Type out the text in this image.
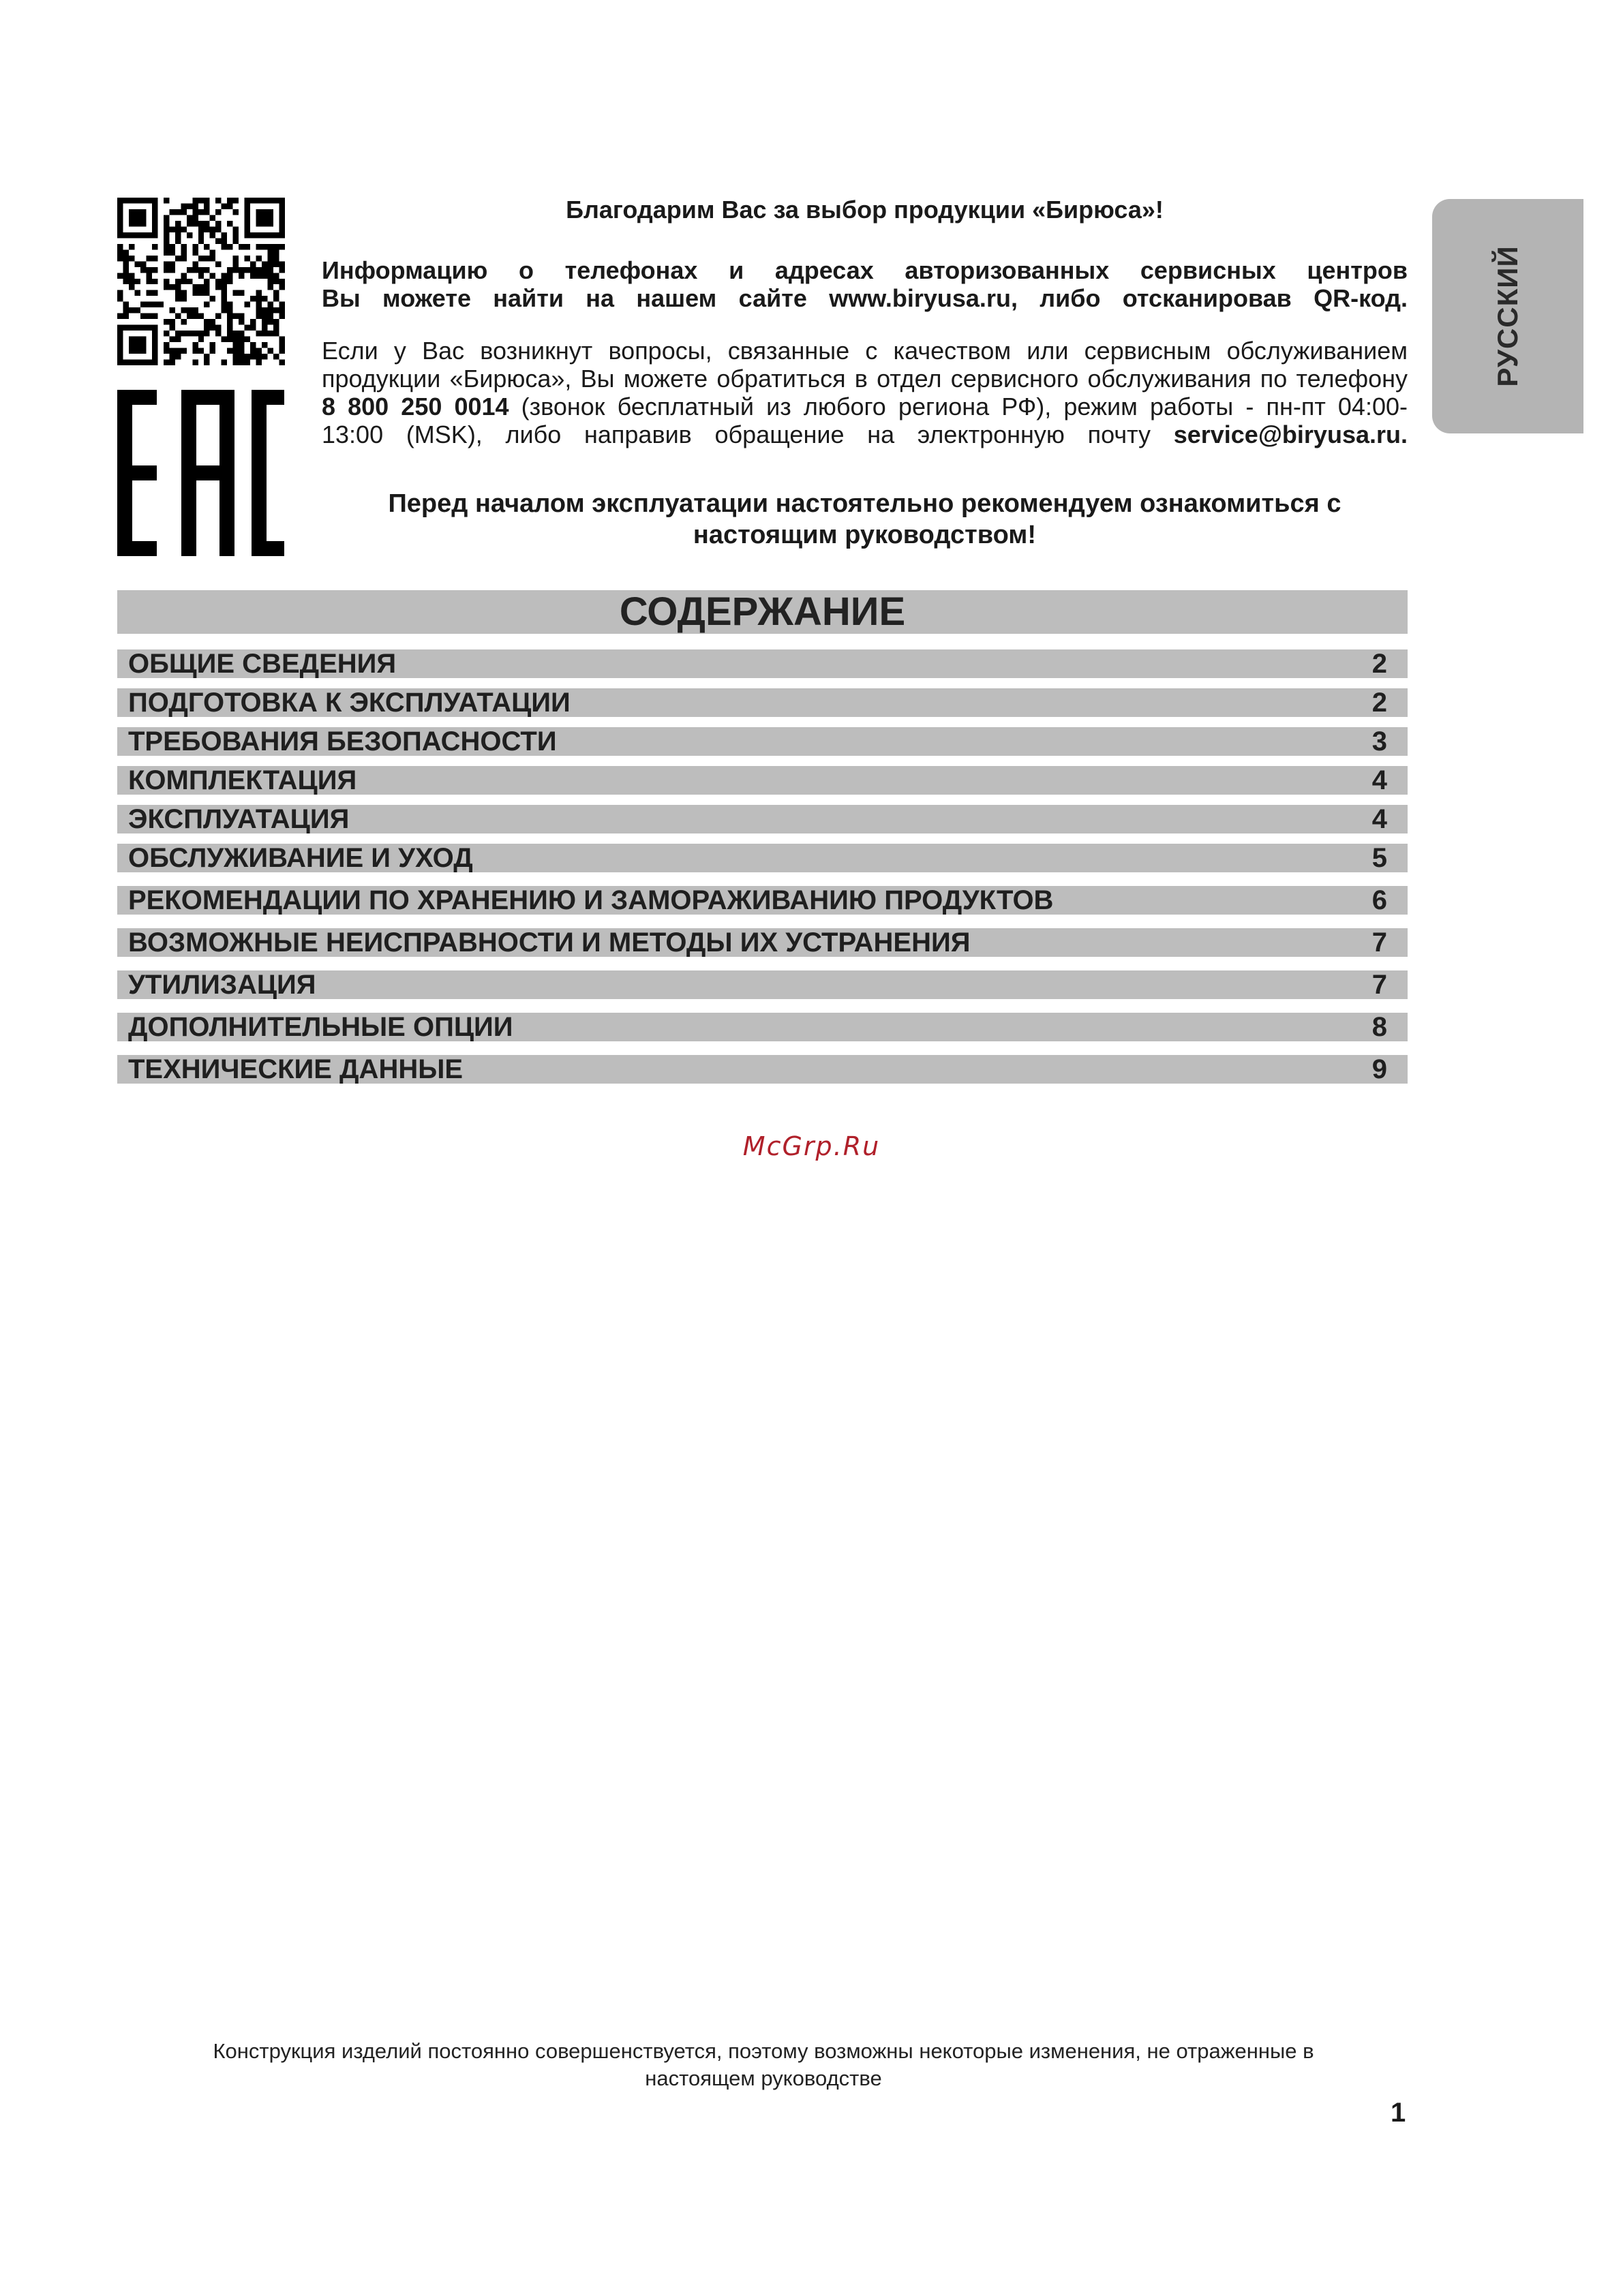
РУССКИЙ
Благодарим Вас за выбор продукции «Бирюса»!
Информацию о телефонах и адресах авторизованных сервисных центров
Вы можете найти на нашем сайте www.biryusa.ru, либо отсканировав QR-код.
Если у Вас возникнут вопросы, связанные с качеством или сервисным обслуживанием
продукции «Бирюса», Вы можете обратиться в отдел сервисного обслуживания по телефону
8 800 250 0014 (звонок бесплатный из любого региона РФ), режим работы - пн-пт 04:00-
13:00 (MSK), либо направив обращение на электронную почту service@biryusa.ru.
Перед началом эксплуатации настоятельно рекомендуем ознакомиться с
настоящим руководством!
СОДЕРЖАНИЕ
ОБЩИЕ СВЕДЕНИЯ	2
ПОДГОТОВКА К ЭКСПЛУАТАЦИИ	2
ТРЕБОВАНИЯ БЕЗОПАСНОСТИ	3
КОМПЛЕКТАЦИЯ	4
ЭКСПЛУАТАЦИЯ	4
ОБСЛУЖИВАНИЕ И УХОД	5
РЕКОМЕНДАЦИИ ПО ХРАНЕНИЮ И ЗАМОРАЖИВАНИЮ ПРОДУКТОВ	6
ВОЗМОЖНЫЕ НЕИСПРАВНОСТИ И МЕТОДЫ ИХ УСТРАНЕНИЯ	7
УТИЛИЗАЦИЯ	7
ДОПОЛНИТЕЛЬНЫЕ ОПЦИИ	8
ТЕХНИЧЕСКИЕ ДАННЫЕ	9
McGrp.Ru
Конструкция изделий постоянно совершенствуется, поэтому возможны некоторые изменения, не отраженные в
настоящем руководстве
1
